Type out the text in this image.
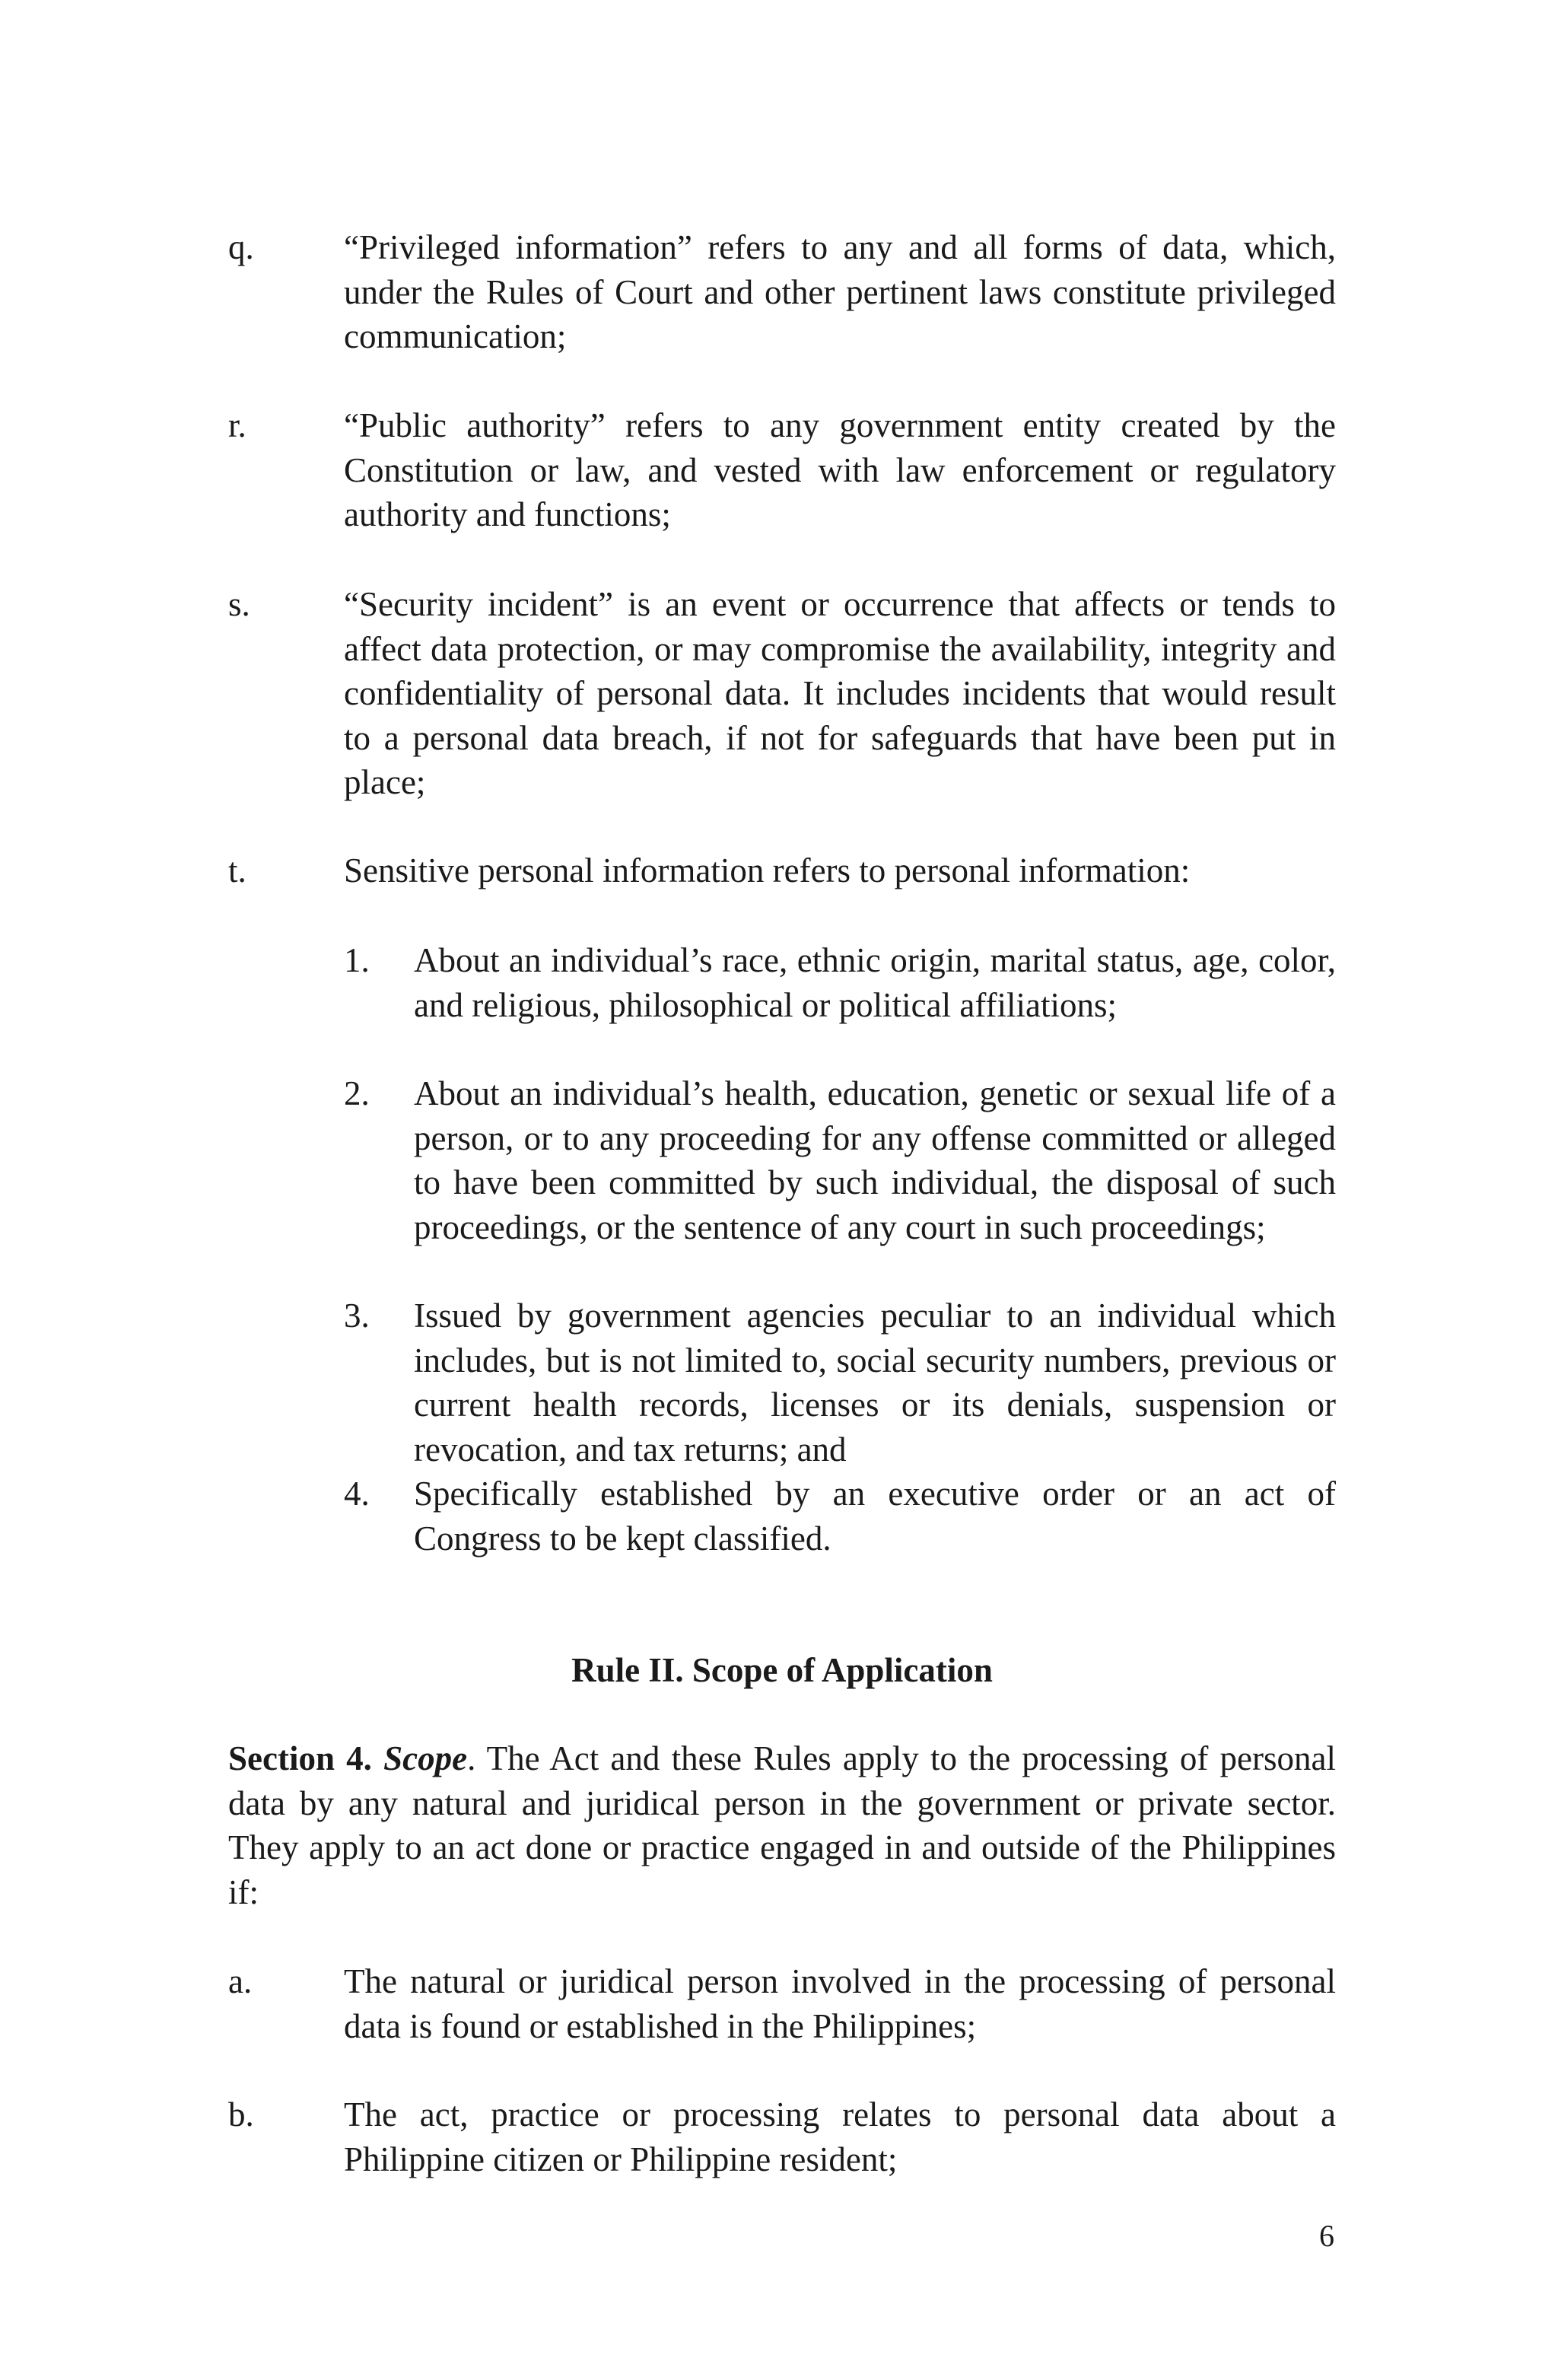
q.	“Privileged information” refers to any and all forms of data, which, under the Rules of Court and other pertinent laws constitute privileged communication;

r.	“Public authority” refers to any government entity created by the Constitution or law, and vested with law enforcement or regulatory authority and functions;

s.	“Security incident” is an event or occurrence that affects or tends to affect data protection, or may compromise the availability, integrity and confidentiality of personal data. It includes incidents that would result to a personal data breach, if not for safeguards that have been put in place;

t.	Sensitive personal information refers to personal information:

1.	About an individual’s race, ethnic origin, marital status, age, color, and religious, philosophical or political affiliations;

2.	About an individual’s health, education, genetic or sexual life of a person, or to any proceeding for any offense committed or alleged to have been committed by such individual, the disposal of such proceedings, or the sentence of any court in such proceedings;

3.	Issued by government agencies peculiar to an individual which includes, but is not limited to, social security numbers, previous or current health records, licenses or its denials, suspension or revocation, and tax returns; and

4.	Specifically established by an executive order or an act of Congress to be kept classified.

Rule II. Scope of Application

Section 4. Scope. The Act and these Rules apply to the processing of personal data by any natural and juridical person in the government or private sector. They apply to an act done or practice engaged in and outside of the Philippines if:

a.	The natural or juridical person involved in the processing of personal data is found or established in the Philippines;

b.	The act, practice or processing relates to personal data about a Philippine citizen or Philippine resident;

6
